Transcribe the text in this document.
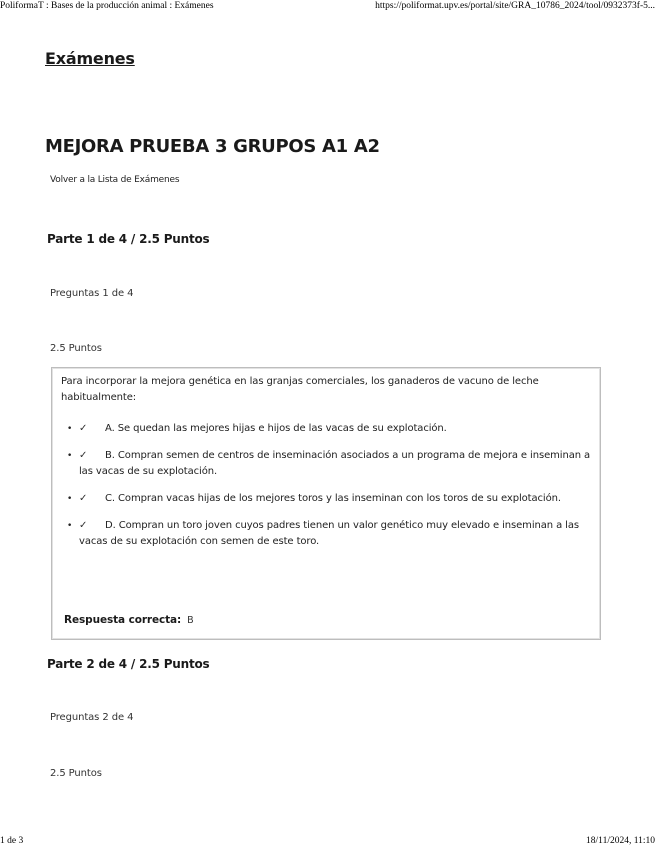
PoliformaT : Bases de la producción animal : Exámenes	https://poliformat.upv.es/portal/site/GRA_10786_2024/tool/0932373f-5...
Exámenes
MEJORA PRUEBA 3 GRUPOS A1 A2
Volver a la Lista de Exámenes
Parte 1 de 4 / 2.5 Puntos
Preguntas 1 de 4
2.5 Puntos
Para incorporar la mejora genética en las granjas comerciales, los ganaderos de vacuno de leche habitualmente:
• ✓ A. Se quedan las mejores hijas e hijos de las vacas de su explotación.
• ✓ B. Compran semen de centros de inseminación asociados a un programa de mejora e inseminan a las vacas de su explotación.
• ✓ C. Compran vacas hijas de los mejores toros y las inseminan con los toros de su explotación.
• ✓ D. Compran un toro joven cuyos padres tienen un valor genético muy elevado e inseminan a las vacas de su explotación con semen de este toro.
Respuesta correcta: B
Parte 2 de 4 / 2.5 Puntos
Preguntas 2 de 4
2.5 Puntos
1 de 3	18/11/2024, 11:10
